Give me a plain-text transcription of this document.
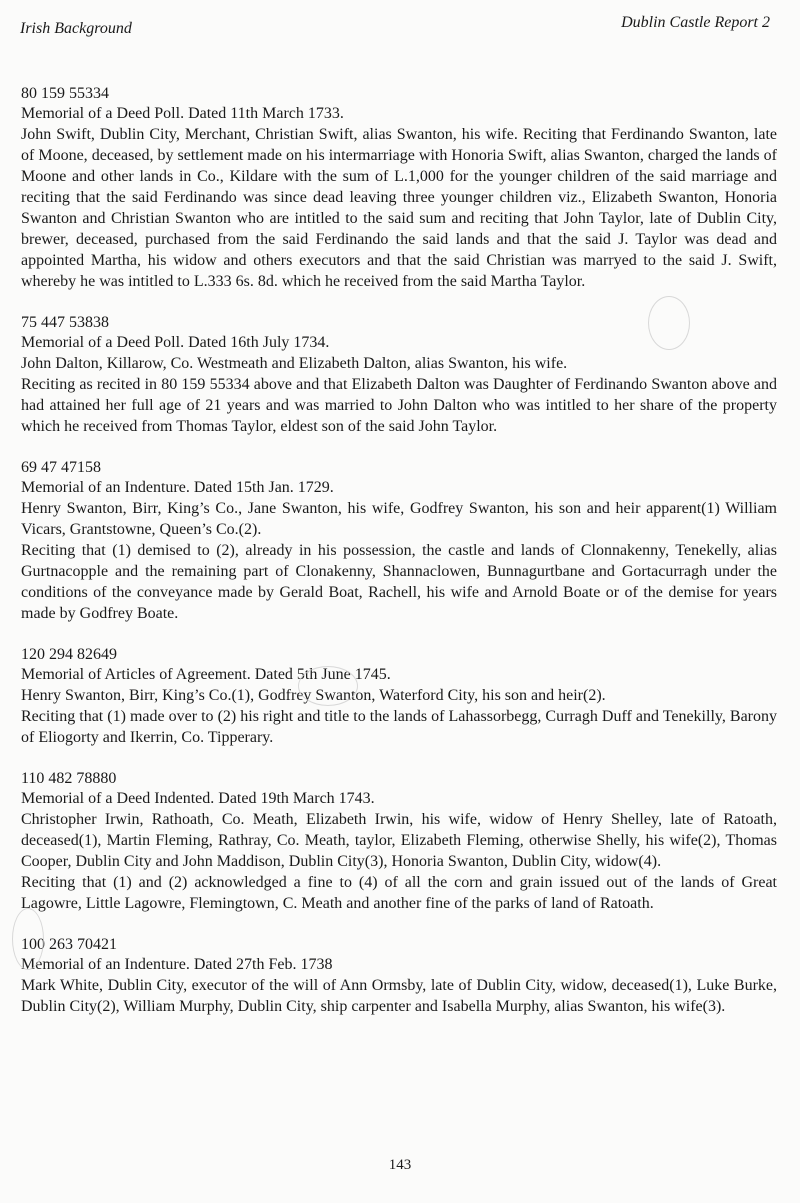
Irish Background	Dublin Castle Report 2
80 159 55334
Memorial of a Deed Poll. Dated 11th March 1733.

John Swift, Dublin City, Merchant, Christian Swift, alias Swanton, his wife. Reciting that Ferdinando Swanton, late of Moone, deceased, by settlement made on his intermarriage with Honoria Swift, alias Swanton, charged the lands of Moone and other lands in Co., Kildare with the sum of L.1,000 for the younger children of the said marriage and reciting that the said Ferdinando was since dead leaving three younger children viz., Elizabeth Swanton, Honoria Swanton and Christian Swanton who are intitled to the said sum and reciting that John Taylor, late of Dublin City, brewer, deceased, purchased from the said Ferdinando the said lands and that the said J. Taylor was dead and appointed Martha, his widow and others executors and that the said Christian was marryed to the said J. Swift, whereby he was intitled to L.333 6s. 8d. which he received from the said Martha Taylor.

75 447 53838
Memorial of a Deed Poll. Dated 16th July 1734.

John Dalton, Killarow, Co. Westmeath and Elizabeth Dalton, alias Swanton, his wife.

Reciting as recited in 80 159 55334 above and that Elizabeth Dalton was Daughter of Ferdinando Swanton above and had attained her full age of 21 years and was married to John Dalton who was intitled to her share of the property which he received from Thomas Taylor, eldest son of the said John Taylor.

69 47 47158
Memorial of an Indenture. Dated 15th Jan. 1729.

Henry Swanton, Birr, King’s Co., Jane Swanton, his wife, Godfrey Swanton, his son and heir apparent(1) William Vicars, Grantstowne, Queen’s Co.(2).

Reciting that (1) demised to (2), already in his possession, the castle and lands of Clonnakenny, Tenekelly, alias Gurtnacopple and the remaining part of Clonakenny, Shannaclowen, Bunnagurtbane and Gortacurragh under the conditions of the conveyance made by Gerald Boat, Rachell, his wife and Arnold Boate or of the demise for years made by Godfrey Boate.

120 294 82649
Memorial of Articles of Agreement. Dated 5th June 1745.

Henry Swanton, Birr, King’s Co.(1), Godfrey Swanton, Waterford City, his son and heir(2).

Reciting that (1) made over to (2) his right and title to the lands of Lahassorbegg, Curragh Duff and Tenekilly, Barony of Eliogorty and Ikerrin, Co. Tipperary.

110 482 78880
Memorial of a Deed Indented. Dated 19th March 1743.

Christopher Irwin, Rathoath, Co. Meath, Elizabeth Irwin, his wife, widow of Henry Shelley, late of Ratoath, deceased(1), Martin Fleming, Rathray, Co. Meath, taylor, Elizabeth Fleming, otherwise Shelly, his wife(2), Thomas Cooper, Dublin City and John Maddison, Dublin City(3), Honoria Swanton, Dublin City, widow(4).

Reciting that (1) and (2) acknowledged a fine to (4) of all the corn and grain issued out of the lands of Great Lagowre, Little Lagowre, Flemingtown, C. Meath and another fine of the parks of land of Ratoath.

100 263 70421
Memorial of an Indenture. Dated 27th Feb. 1738

Mark White, Dublin City, executor of the will of Ann Ormsby, late of Dublin City, widow, deceased(1), Luke Burke, Dublin City(2), William Murphy, Dublin City, ship carpenter and Isabella Murphy, alias Swanton, his wife(3).

143
